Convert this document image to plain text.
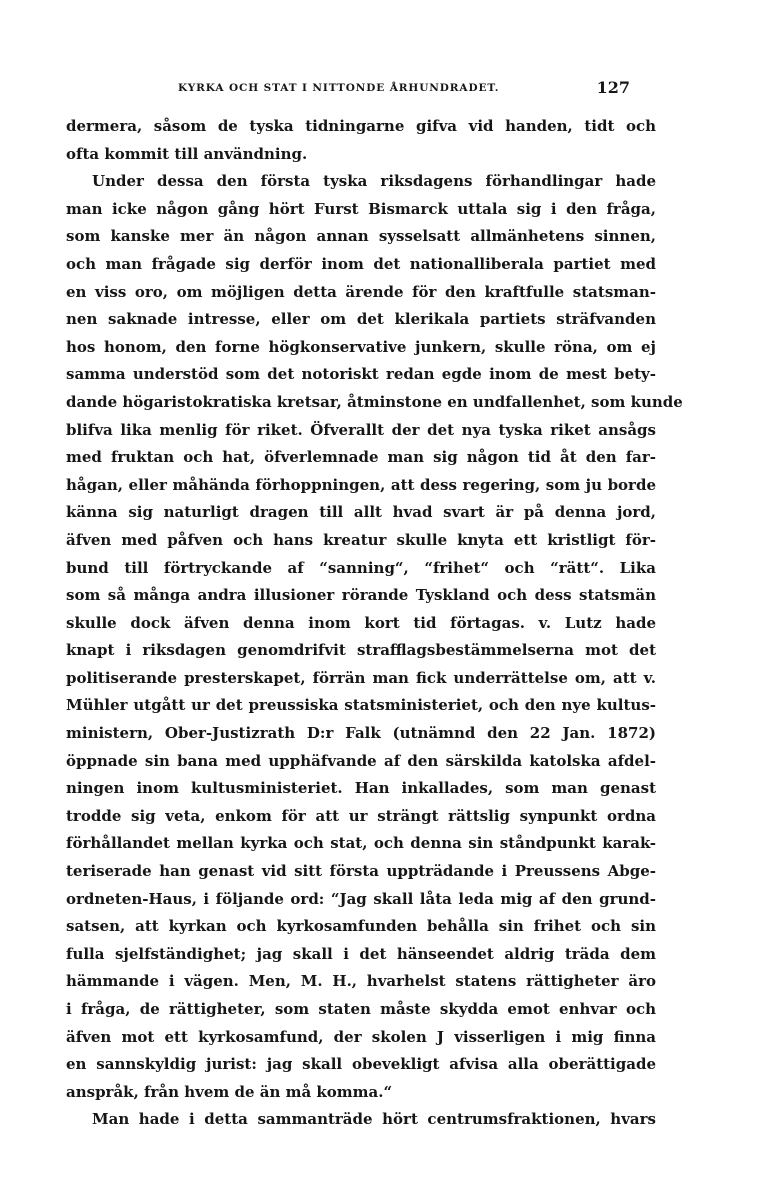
KYRKA OCH STAT I NITTONDE ÅRHUNDRADET.	127
dermera, såsom de tyska tidningarne gifva vid handen, tidt och
ofta kommit till användning.
Under dessa den första tyska riksdagens förhandlingar hade
man icke någon gång hört Furst Bismarck uttala sig i den fråga,
som kanske mer än någon annan sysselsatt allmänhetens sinnen,
och man frågade sig derför inom det nationalliberala partiet med
en viss oro, om möjligen detta ärende för den kraftfulle statsman-
nen saknade intresse, eller om det klerikala partiets sträfvanden
hos honom, den forne högkonservative junkern, skulle röna, om ej
samma understöd som det notoriskt redan egde inom de mest bety-
dande högaristokratiska kretsar, åtminstone en undfallenhet, som kunde
blifva lika menlig för riket. Öfverallt der det nya tyska riket ansågs
med fruktan och hat, öfverlemnade man sig någon tid åt den far-
hågan, eller måhända förhoppningen, att dess regering, som ju borde
känna sig naturligt dragen till allt hvad svart är på denna jord,
äfven med påfven och hans kreatur skulle knyta ett kristligt för-
bund till förtryckande af “sanning“, “frihet“ och “rätt“. Lika
som så många andra illusioner rörande Tyskland och dess statsmän
skulle dock äfven denna inom kort tid förtagas. v. Lutz hade
knapt i riksdagen genomdrifvit strafflagsbestämmelserna mot det
politiserande presterskapet, förrän man fick underrättelse om, att v.
Mühler utgått ur det preussiska statsministeriet, och den nye kultus-
ministern, Ober-Justizrath D:r Falk (utnämnd den 22 Jan. 1872)
öppnade sin bana med upphäfvande af den särskilda katolska afdel-
ningen inom kultusministeriet. Han inkallades, som man genast
trodde sig veta, enkom för att ur strängt rättslig synpunkt ordna
förhållandet mellan kyrka och stat, och denna sin ståndpunkt karak-
teriserade han genast vid sitt första uppträdande i Preussens Abge-
ordneten-Haus, i följande ord: “Jag skall låta leda mig af den grund-
satsen, att kyrkan och kyrkosamfunden behålla sin frihet och sin
fulla sjelfständighet; jag skall i det hänseendet aldrig träda dem
hämmande i vägen. Men, M. H., hvarhelst statens rättigheter äro
i fråga, de rättigheter, som staten måste skydda emot enhvar och
äfven mot ett kyrkosamfund, der skolen J visserligen i mig finna
en sannskyldig jurist: jag skall obevekligt afvisa alla oberättigade
anspråk, från hvem de än må komma.“
Man hade i detta sammanträde hört centrumsfraktionen, hvars
